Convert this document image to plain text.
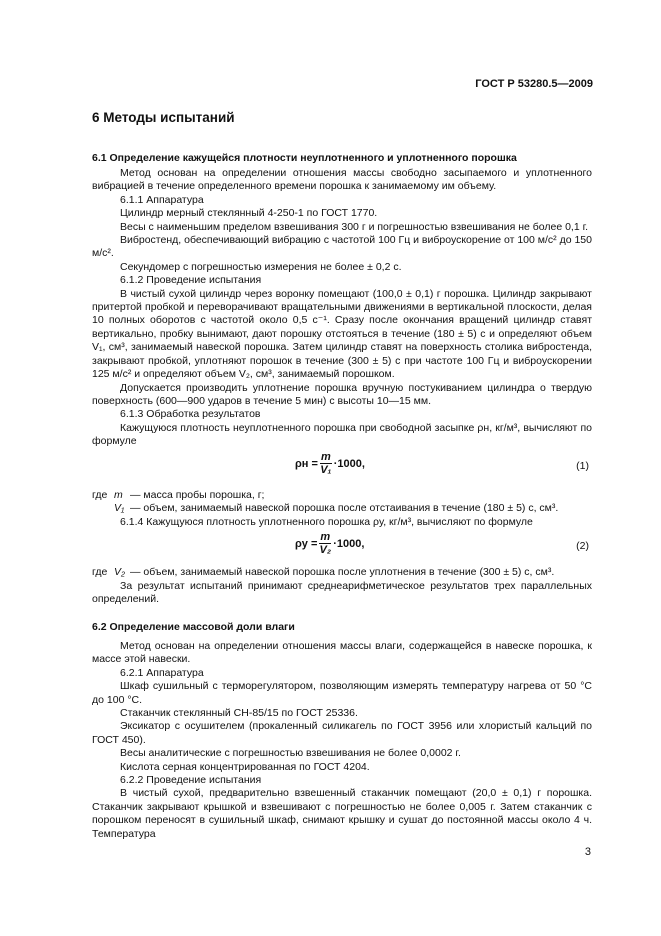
ГОСТ Р 53280.5—2009
6 Методы испытаний
6.1 Определение кажущейся плотности неуплотненного и уплотненного порошка

Метод основан на определении отношения массы свободно засыпаемого и уплотненного вибрацией в течение определенного времени порошка к занимаемому им объему.

6.1.1 Аппаратура

Цилиндр мерный стеклянный 4-250-1 по ГОСТ 1770.

Весы с наименьшим пределом взвешивания 300 г и погрешностью взвешивания не более 0,1 г.

Вибростенд, обеспечивающий вибрацию с частотой 100 Гц и виброускорение от 100 м/с² до 150 м/с².

Секундомер с погрешностью измерения не более ± 0,2 с.

6.1.2 Проведение испытания

В чистый сухой цилиндр через воронку помещают (100,0 ± 0,1) г порошка. Цилиндр закрывают притертой пробкой и переворачивают вращательными движениями в вертикальной плоскости, делая 10 полных оборотов с частотой около 0,5 с⁻¹. Сразу после окончания вращений цилиндр ставят вертикально, пробку вынимают, дают порошку отстояться в течение (180 ± 5) с и определяют объем V₁, см³, занимаемый навеской порошка. Затем цилиндр ставят на поверхность столика вибростенда, закрывают пробкой, уплотняют порошок в течение (300 ± 5) с при частоте 100 Гц и виброускорении 125 м/с² и определяют объем V₂, см³, занимаемый порошком.

Допускается производить уплотнение порошка вручную постукиванием цилиндра о твердую поверхность (600—900 ударов в течение 5 мин) с высоты 10—15 мм.

6.1.3 Обработка результатов

Кажущуюся плотность неуплотненного порошка при свободной засыпке ρн, кг/м³, вычисляют по формуле

$\rho н = \frac{m}{\text{V₁}} \cdot 1000$,	(1)
где m — масса пробы порошка, г;
V₁ — объем, занимаемый навеской порошка после отстаивания в течение (180 ± 5) с, см³.

6.1.4 Кажущуюся плотность уплотненного порошка ρу, кг/м³, вычисляют по формуле

$\rho у = \frac{m}{\text{V₂}} \cdot 1000$,	(2)
где V₂ — объем, занимаемый навеской порошка после уплотнения в течение (300 ± 5) с, см³.

За результат испытаний принимают среднеарифметическое результатов трех параллельных определений.

6.2 Определение массовой доли влаги

Метод основан на определении отношения массы влаги, содержащейся в навеске порошка, к массе этой навески.

6.2.1 Аппаратура

Шкаф сушильный с терморегулятором, позволяющим измерять температуру нагрева от 50 °С до 100 °С.

Стаканчик стеклянный СН-85/15 по ГОСТ 25336.

Эксикатор с осушителем (прокаленный силикагель по ГОСТ 3956 или хлористый кальций по ГОСТ 450).

Весы аналитические с погрешностью взвешивания не более 0,0002 г.

Кислота серная концентрированная по ГОСТ 4204.

6.2.2 Проведение испытания

В чистый сухой, предварительно взвешенный стаканчик помещают (20,0 ± 0,1) г порошка. Стаканчик закрывают крышкой и взвешивают с погрешностью не более 0,005 г. Затем стаканчик с порошком переносят в сушильный шкаф, снимают крышку и сушат до постоянной массы около 4 ч. Температура

3
